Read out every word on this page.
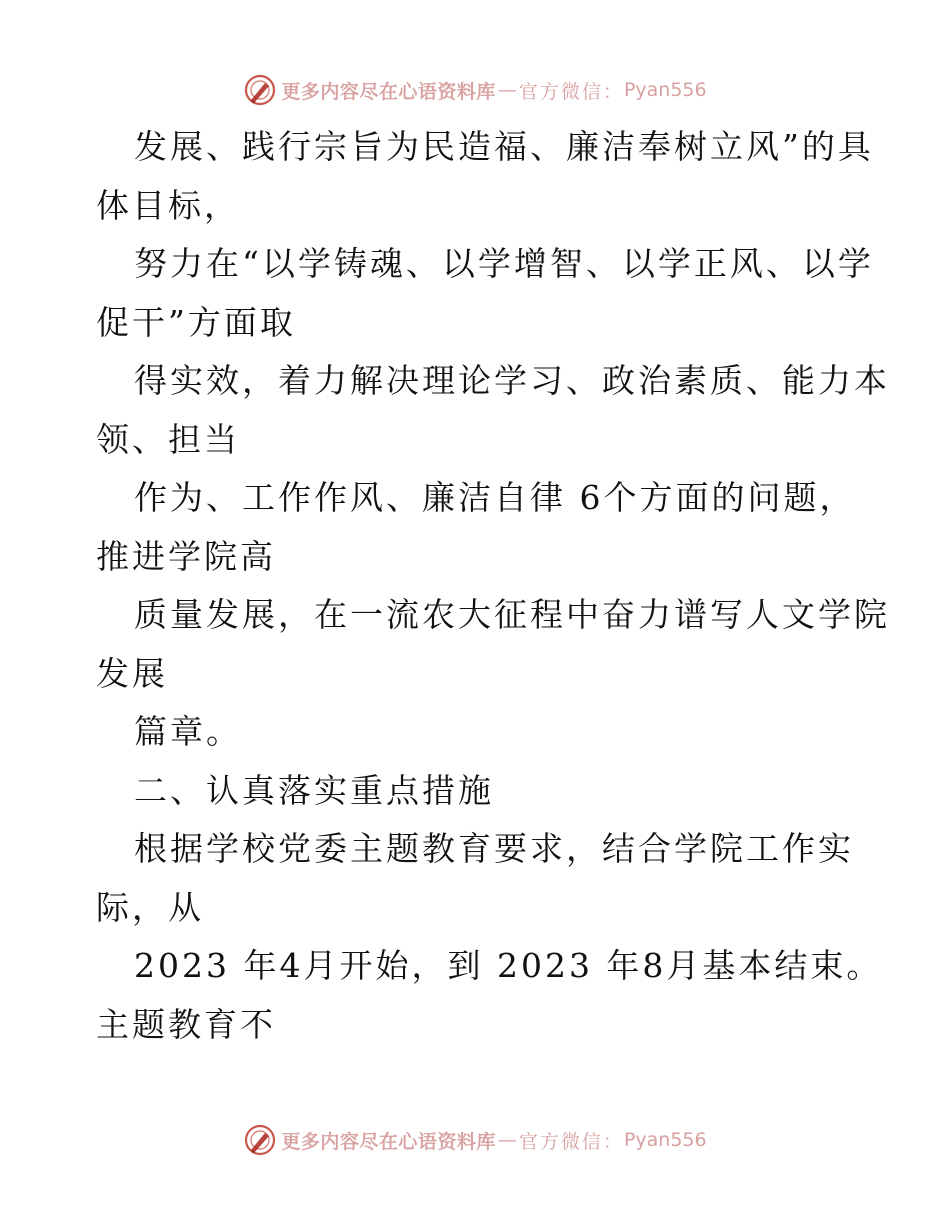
更多内容尽在心语资料库 — 官方微信： Pyan556
发展、践行宗旨为民造福、廉洁奉树立风”的具
体目标，
努力在“以学铸魂、以学增智、以学正风、以学
促干”方面取
得实效，着力解决理论学习、政治素质、能力本
领、担当
作为、工作作风、廉洁自律 6个方面的问题，
推进学院高
质量发展，在一流农大征程中奋力谱写人文学院
发展
篇章。
二、认真落实重点措施
根据学校党委主题教育要求，结合学院工作实
际，从
2023 年4月开始，到 2023 年8月基本结束。
主题教育不
更多内容尽在心语资料库 — 官方微信： Pyan556
